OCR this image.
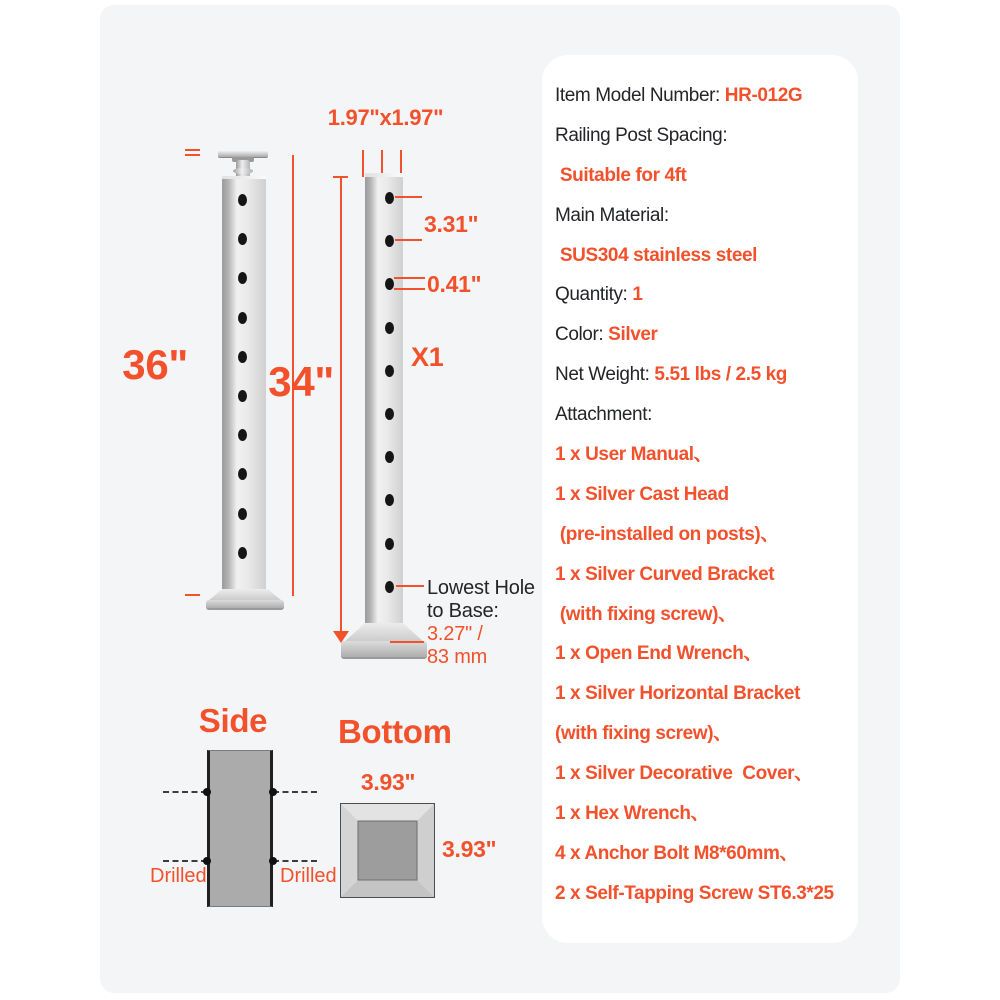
36"
1.97"x1.97"
34"
3.31"
0.41"
X1
Lowest Hole
to Base:
3.27" /
83 mm
Side
Drilled	Drilled
Bottom
3.93"
3.93"
Item Model Number: HR-012G
Railing Post Spacing:
Suitable for 4ft
Main Material:
SUS304 stainless steel
Quantity: 1
Color: Silver
Net Weight: 5.51 lbs / 2.5 kg
Attachment:
1 x User Manual、
1 x Silver Cast Head
(pre-installed on posts)、
1 x Silver Curved Bracket
(with fixing screw)、
1 x Open End Wrench、
1 x Silver Horizontal Bracket
(with fixing screw)、
1 x Silver Decorative  Cover、
1 x Hex Wrench、
4 x Anchor Bolt M8*60mm、
2 x Self-Tapping Screw ST6.3*25
